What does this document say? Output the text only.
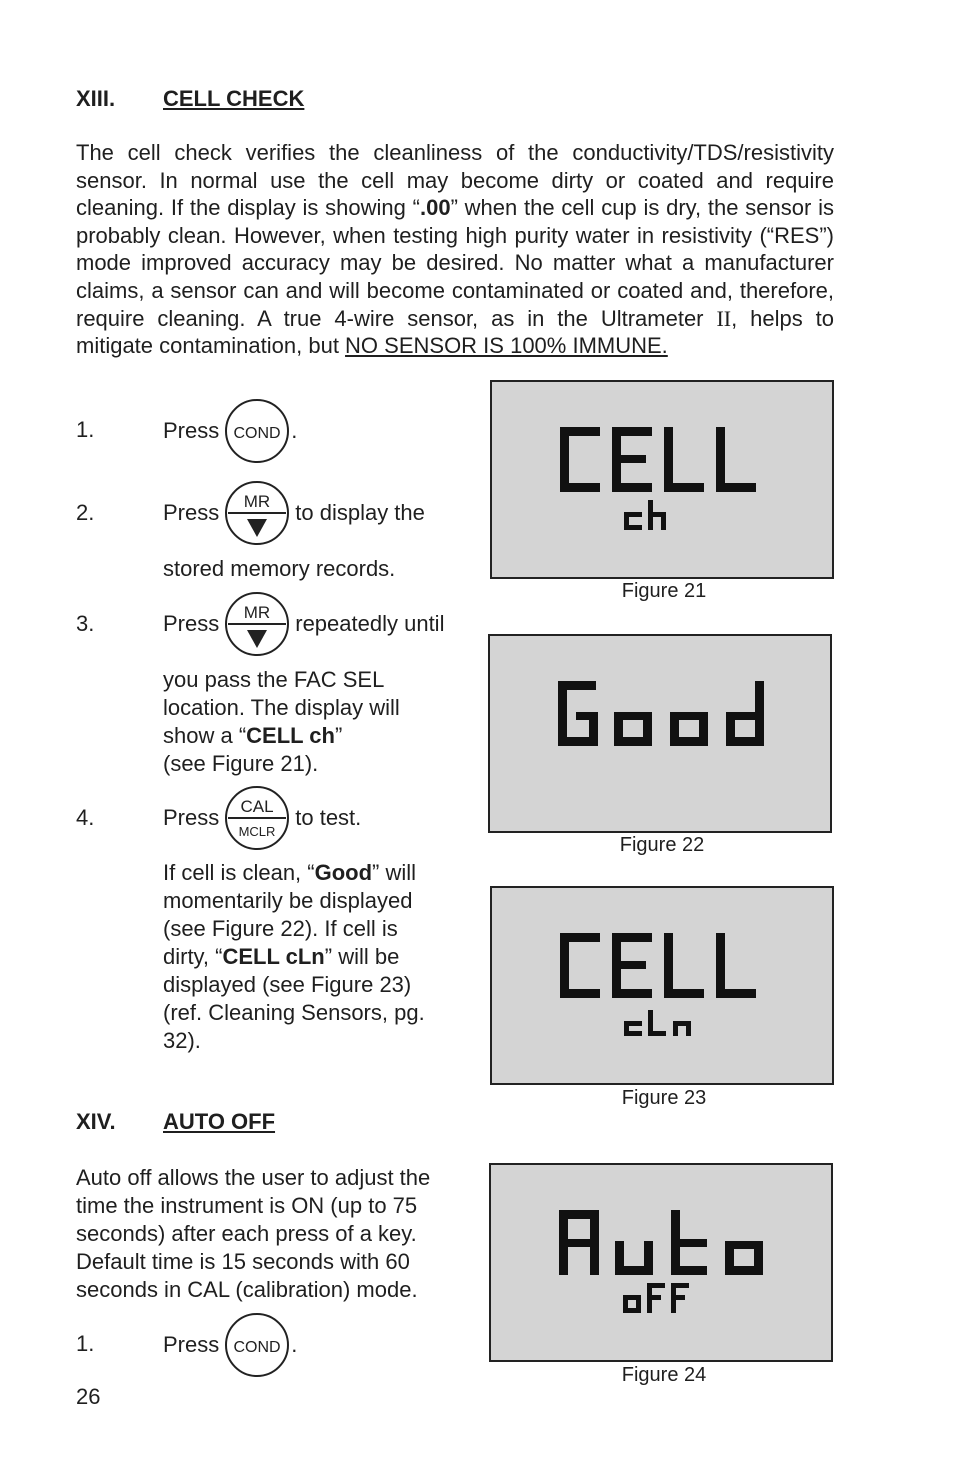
XIII. CELL CHECK
The cell check verifies the cleanliness of the conductivity/TDS/resistivity sensor. In normal use the cell may become dirty or coated and require cleaning. If the display is showing “.00” when the cell cup is dry, the sensor is probably clean. However, when testing high purity water in resistivity (“RES”) mode improved accuracy may be desired. No matter what a manufacturer claims, a sensor can and will become contaminated or coated and, therefore, require cleaning. A true 4-wire sensor, as in the Ultrameter II, helps to mitigate contamination, but NO SENSOR IS 100% IMMUNE.
1.	Press COND .
2.	Press MR to display the
stored memory records.
3.	Press MR repeatedly until
you pass the FAC SEL location. The display will show a “CELL ch”
(see Figure 21).
4.	Press CAL
MCLR
to test.
If cell is clean, “Good” will momentarily be displayed (see Figure 22). If cell is dirty, “CELL cLn” will be displayed (see Figure 23) (ref. Cleaning Sensors, pg. 32).
XIV. AUTO OFF
Auto off allows the user to adjust the time the instrument is ON (up to 75 seconds) after each press of a key. Default time is 15 seconds with 60 seconds in CAL (calibration) mode.
1.	Press COND .
26
Figure 21
Figure 22
Figure 23
Figure 24
